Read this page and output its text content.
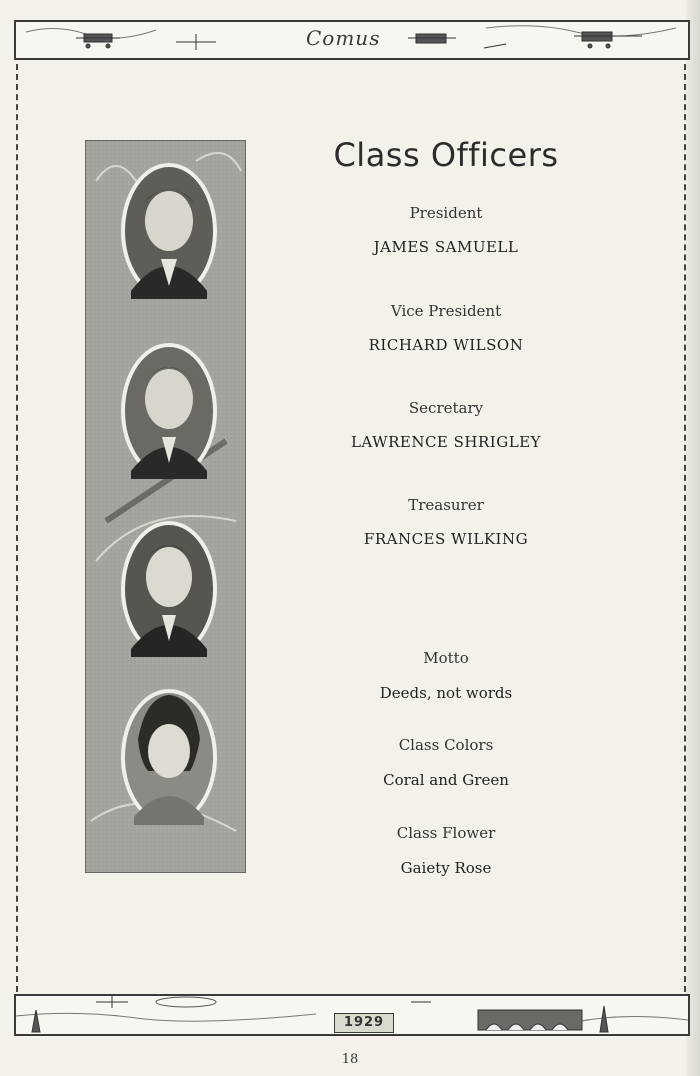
Comus
Class Officers
President
JAMES SAMUELL
Vice President
RICHARD WILSON
Secretary
LAWRENCE SHRIGLEY
Treasurer
FRANCES WILKING
Motto
Deeds, not words
Class Colors
Coral and Green
Class Flower
Gaiety Rose
1929
18
